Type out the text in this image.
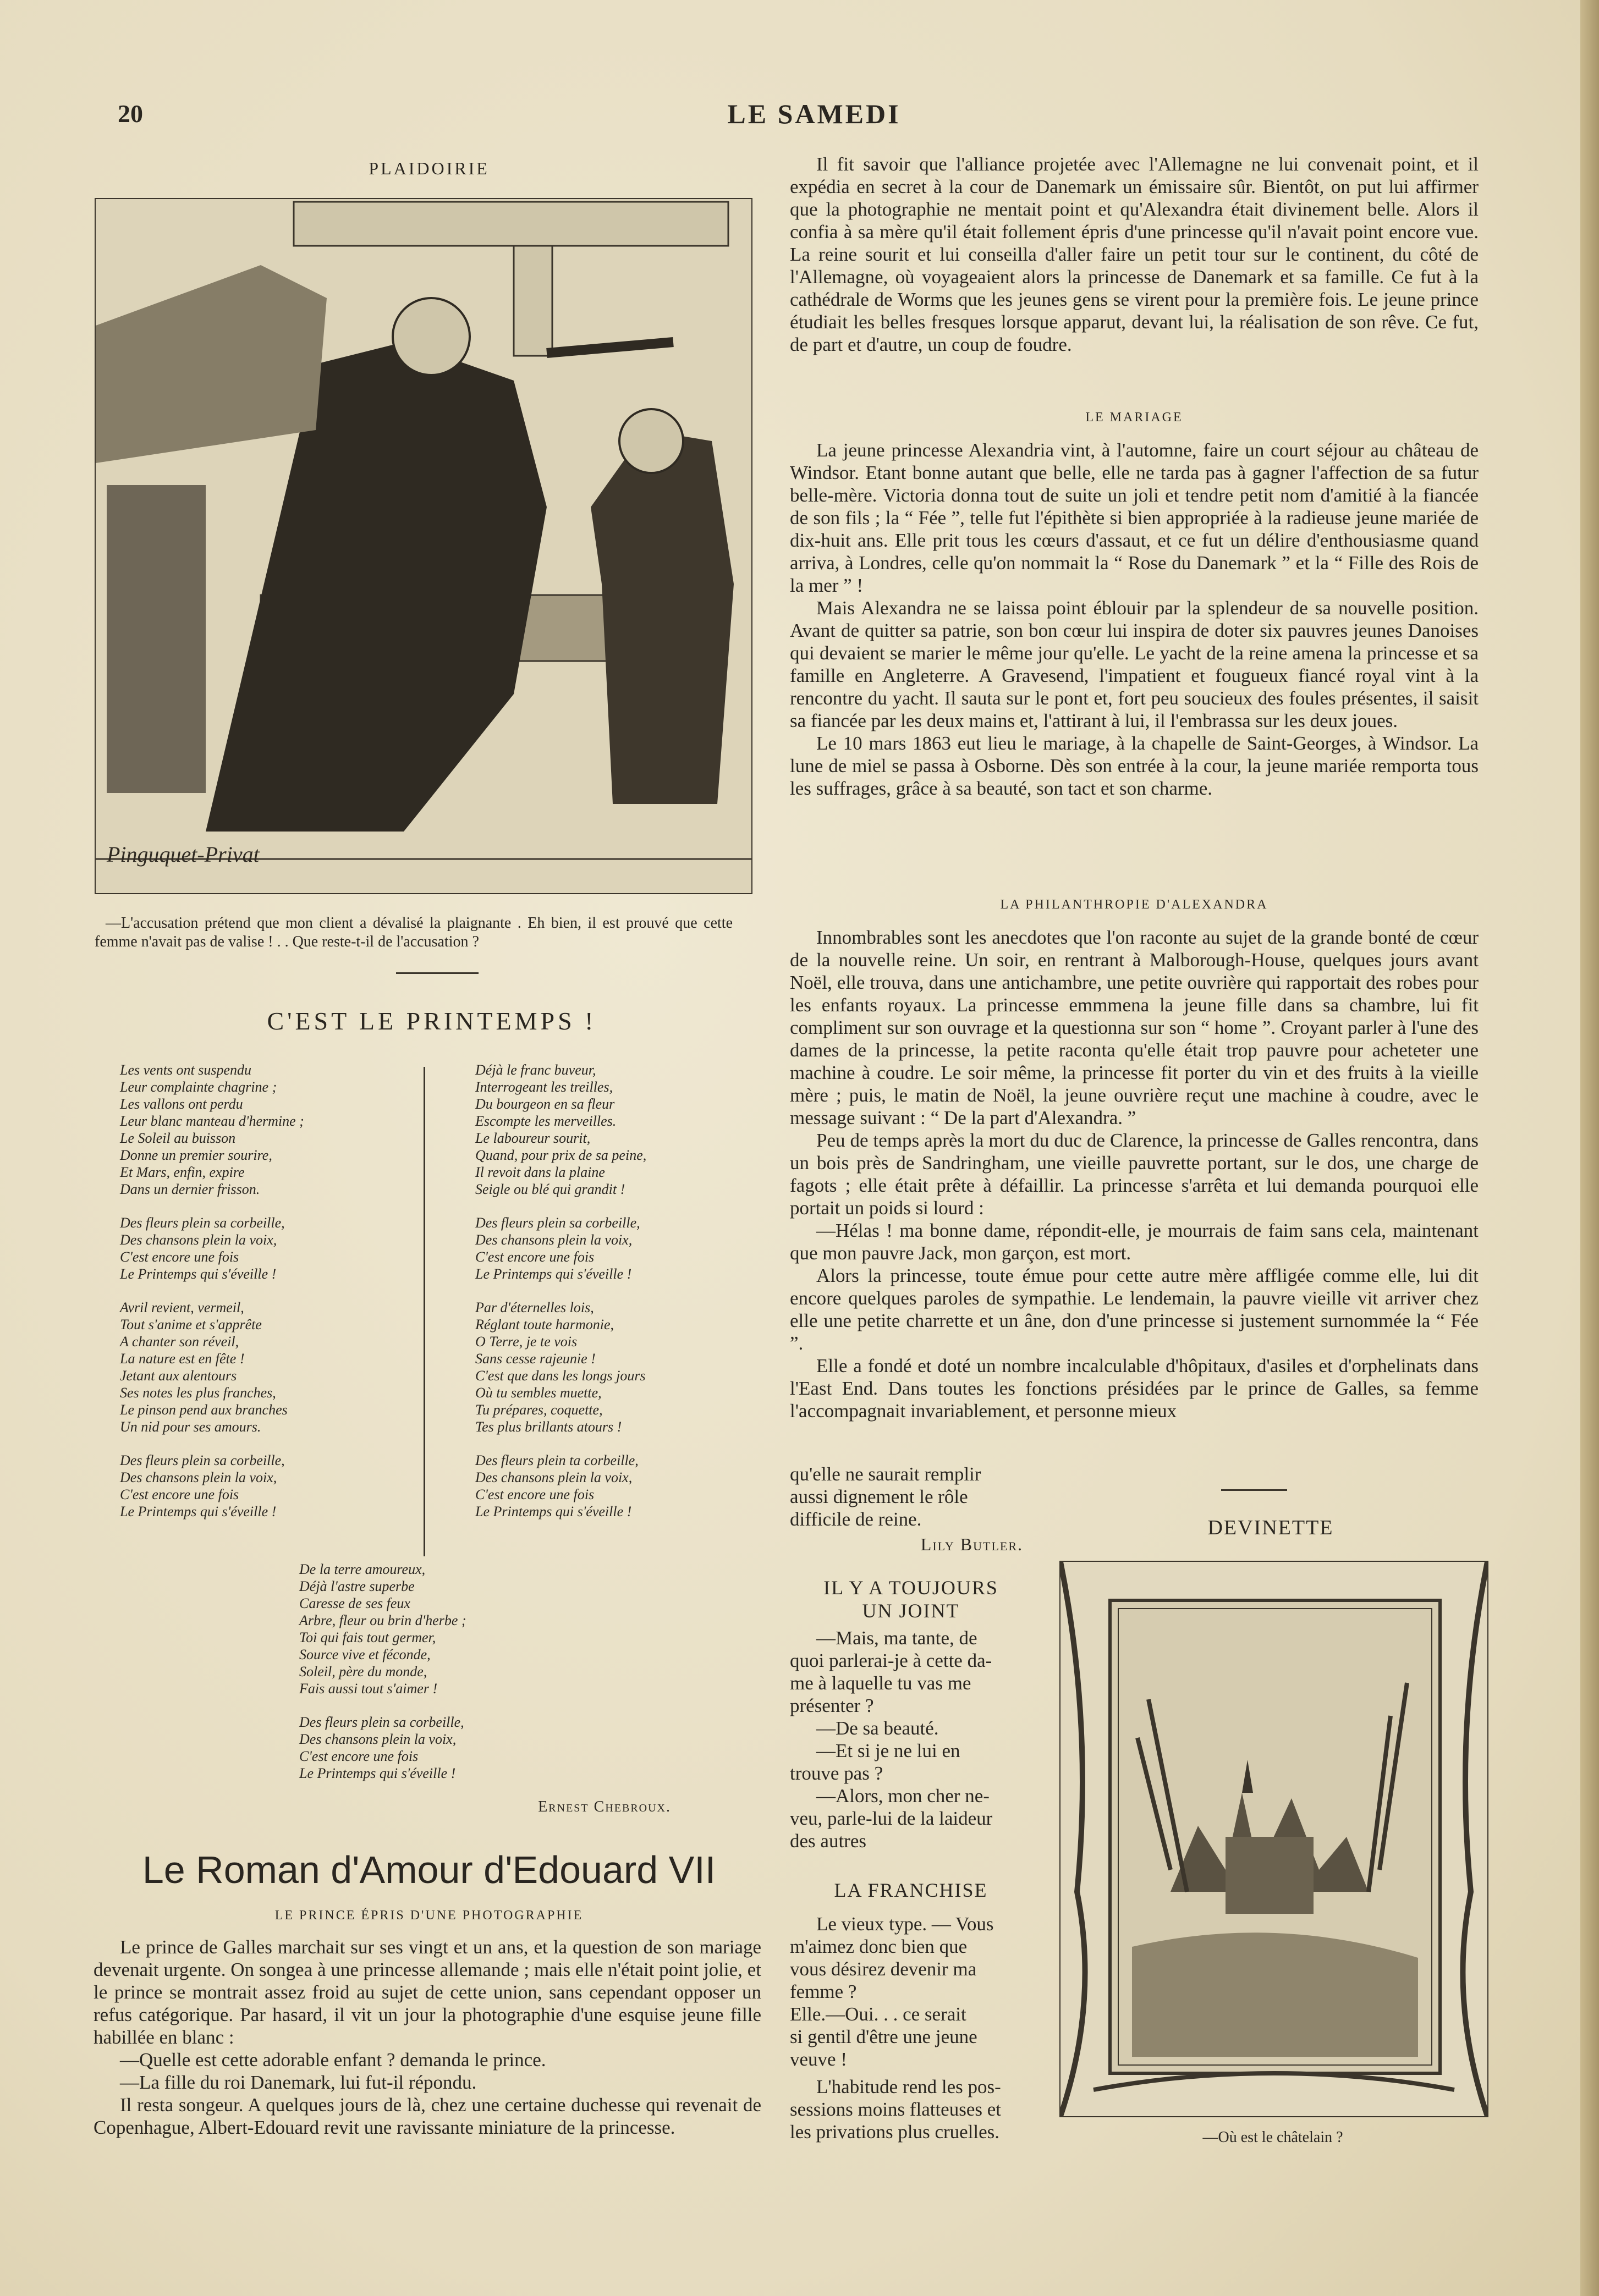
20	LE SAMEDI
PLAIDOIRIE
Pinguquet-Privat
—L'accusation prétend que mon client a dévalisé la plaignante . Eh bien, il est prouvé que cette femme n'avait pas de valise ! . . Que reste-t-il de l'accusation ?
C'EST LE PRINTEMPS !
Les vents ont suspendu
Leur complainte chagrine ;
Les vallons ont perdu
Leur blanc manteau d'hermine ;
Le Soleil au buisson
Donne un premier sourire,
Et Mars, enfin, expire
Dans un dernier frisson.
Des fleurs plein sa corbeille,
Des chansons plein la voix,
C'est encore une fois
Le Printemps qui s'éveille !
Avril revient, vermeil,
Tout s'anime et s'apprête
A chanter son réveil,
La nature est en fête !
Jetant aux alentours
Ses notes les plus franches,
Le pinson pend aux branches
Un nid pour ses amours.
Des fleurs plein sa corbeille,
Des chansons plein la voix,
C'est encore une fois
Le Printemps qui s'éveille !
Déjà le franc buveur,
Interrogeant les treilles,
Du bourgeon en sa fleur
Escompte les merveilles.
Le laboureur sourit,
Quand, pour prix de sa peine,
Il revoit dans la plaine
Seigle ou blé qui grandit !
Des fleurs plein sa corbeille,
Des chansons plein la voix,
C'est encore une fois
Le Printemps qui s'éveille !
Par d'éternelles lois,
Réglant toute harmonie,
O Terre, je te vois
Sans cesse rajeunie !
C'est que dans les longs jours
Où tu sembles muette,
Tu prépares, coquette,
Tes plus brillants atours !
Des fleurs plein ta corbeille,
Des chansons plein la voix,
C'est encore une fois
Le Printemps qui s'éveille !
De la terre amoureux,
Déjà l'astre superbe
Caresse de ses feux
Arbre, fleur ou brin d'herbe ;
Toi qui fais tout germer,
Source vive et féconde,
Soleil, père du monde,
Fais aussi tout s'aimer !
Des fleurs plein sa corbeille,
Des chansons plein la voix,
C'est encore une fois
Le Printemps qui s'éveille !
Ernest Chebroux.
Le Roman d'Amour d'Edouard VII
LE PRINCE ÉPRIS D'UNE PHOTOGRAPHIE

Le prince de Galles marchait sur ses vingt et un ans, et la question de son mariage devenait urgente. On songea à une princesse allemande ; mais elle n'était point jolie, et le prince se montrait assez froid au sujet de cette union, sans cependant opposer un refus catégorique. Par hasard, il vit un jour la photographie d'une esquise jeune fille habillée en blanc :

—Quelle est cette adorable enfant ? demanda le prince.

—La fille du roi Danemark, lui fut-il répondu.

Il resta songeur. A quelques jours de là, chez une certaine duchesse qui revenait de Copenhague, Albert-Edouard revit une ravissante miniature de la princesse.

Il fit savoir que l'alliance projetée avec l'Allemagne ne lui convenait point, et il expédia en secret à la cour de Danemark un émissaire sûr. Bientôt, on put lui affirmer que la photographie ne mentait point et qu'Alexandra était divinement belle. Alors il confia à sa mère qu'il était follement épris d'une princesse qu'il n'avait point encore vue. La reine sourit et lui conseilla d'aller faire un petit tour sur le continent, du côté de l'Allemagne, où voyageaient alors la princesse de Danemark et sa famille. Ce fut à la cathédrale de Worms que les jeunes gens se virent pour la première fois. Le jeune prince étudiait les belles fresques lorsque apparut, devant lui, la réalisation de son rêve. Ce fut, de part et d'autre, un coup de foudre.

LE MARIAGE

La jeune princesse Alexandria vint, à l'automne, faire un court séjour au château de Windsor. Etant bonne autant que belle, elle ne tarda pas à gagner l'affection de sa futur belle-mère. Victoria donna tout de suite un joli et tendre petit nom d'amitié à la fiancée de son fils ; la “ Fée ”, telle fut l'épithète si bien appropriée à la radieuse jeune mariée de dix-huit ans. Elle prit tous les cœurs d'assaut, et ce fut un délire d'enthousiasme quand arriva, à Londres, celle qu'on nommait la “ Rose du Danemark ” et la “ Fille des Rois de la mer ” !

Mais Alexandra ne se laissa point éblouir par la splendeur de sa nouvelle position. Avant de quitter sa patrie, son bon cœur lui inspira de doter six pauvres jeunes Danoises qui devaient se marier le même jour qu'elle. Le yacht de la reine amena la princesse et sa famille en Angleterre. A Gravesend, l'impatient et fougueux fiancé royal vint à la rencontre du yacht. Il sauta sur le pont et, fort peu soucieux des foules présentes, il saisit sa fiancée par les deux mains et, l'attirant à lui, il l'embrassa sur les deux joues.

Le 10 mars 1863 eut lieu le mariage, à la chapelle de Saint-Georges, à Windsor. La lune de miel se passa à Osborne. Dès son entrée à la cour, la jeune mariée remporta tous les suffrages, grâce à sa beauté, son tact et son charme.

LA PHILANTHROPIE D'ALEXANDRA

Innombrables sont les anecdotes que l'on raconte au sujet de la grande bonté de cœur de la nouvelle reine. Un soir, en rentrant à Malborough-House, quelques jours avant Noël, elle trouva, dans une antichambre, une petite ouvrière qui rapportait des robes pour les enfants royaux. La princesse emmmena la jeune fille dans sa chambre, lui fit compliment sur son ouvrage et la questionna sur son “ home ”. Croyant parler à l'une des dames de la princesse, la petite raconta qu'elle était trop pauvre pour acheteter une machine à coudre. Le soir même, la princesse fit porter du vin et des fruits à la vieille mère ; puis, le matin de Noël, la jeune ouvrière reçut une machine à coudre, avec le message suivant : “ De la part d'Alexandra. ”

Peu de temps après la mort du duc de Clarence, la princesse de Galles rencontra, dans un bois près de Sandringham, une vieille pauvrette portant, sur le dos, une charge de fagots ; elle était prête à défaillir. La princesse s'arrêta et lui demanda pourquoi elle portait un poids si lourd :

—Hélas ! ma bonne dame, répondit-elle, je mourrais de faim sans cela, maintenant que mon pauvre Jack, mon garçon, est mort.

Alors la princesse, toute émue pour cette autre mère affligée comme elle, lui dit encore quelques paroles de sympathie. Le lendemain, la pauvre vieille vit arriver chez elle une petite charrette et un âne, don d'une princesse si justement surnommée la “ Fée ”.

Elle a fondé et doté un nombre incalculable d'hôpitaux, d'asiles et d'orphelinats dans l'East End. Dans toutes les fonctions présidées par le prince de Galles, sa femme l'accompagnait invariablement, et personne mieux

qu'elle ne saurait remplir
aussi dignement le rôle
difficile de reine.
Lily Butler.
IL Y A TOUJOURS
UN JOINT
—Mais, ma tante, de
quoi parlerai-je à cette da-
me à laquelle tu vas me
présenter ?
—De sa beauté.
—Et si je ne lui en
trouve pas ?
—Alors, mon cher ne-
veu, parle-lui de la laideur
des autres
LA FRANCHISE
Le vieux type. — Vous
m'aimez donc bien que
vous désirez devenir ma
femme ?
Elle.—Oui. . . ce serait
si gentil d'être une jeune
veuve !
L'habitude rend les pos-
sessions moins flatteuses et
les privations plus cruelles.
DEVINETTE
—Où est le châtelain ?
